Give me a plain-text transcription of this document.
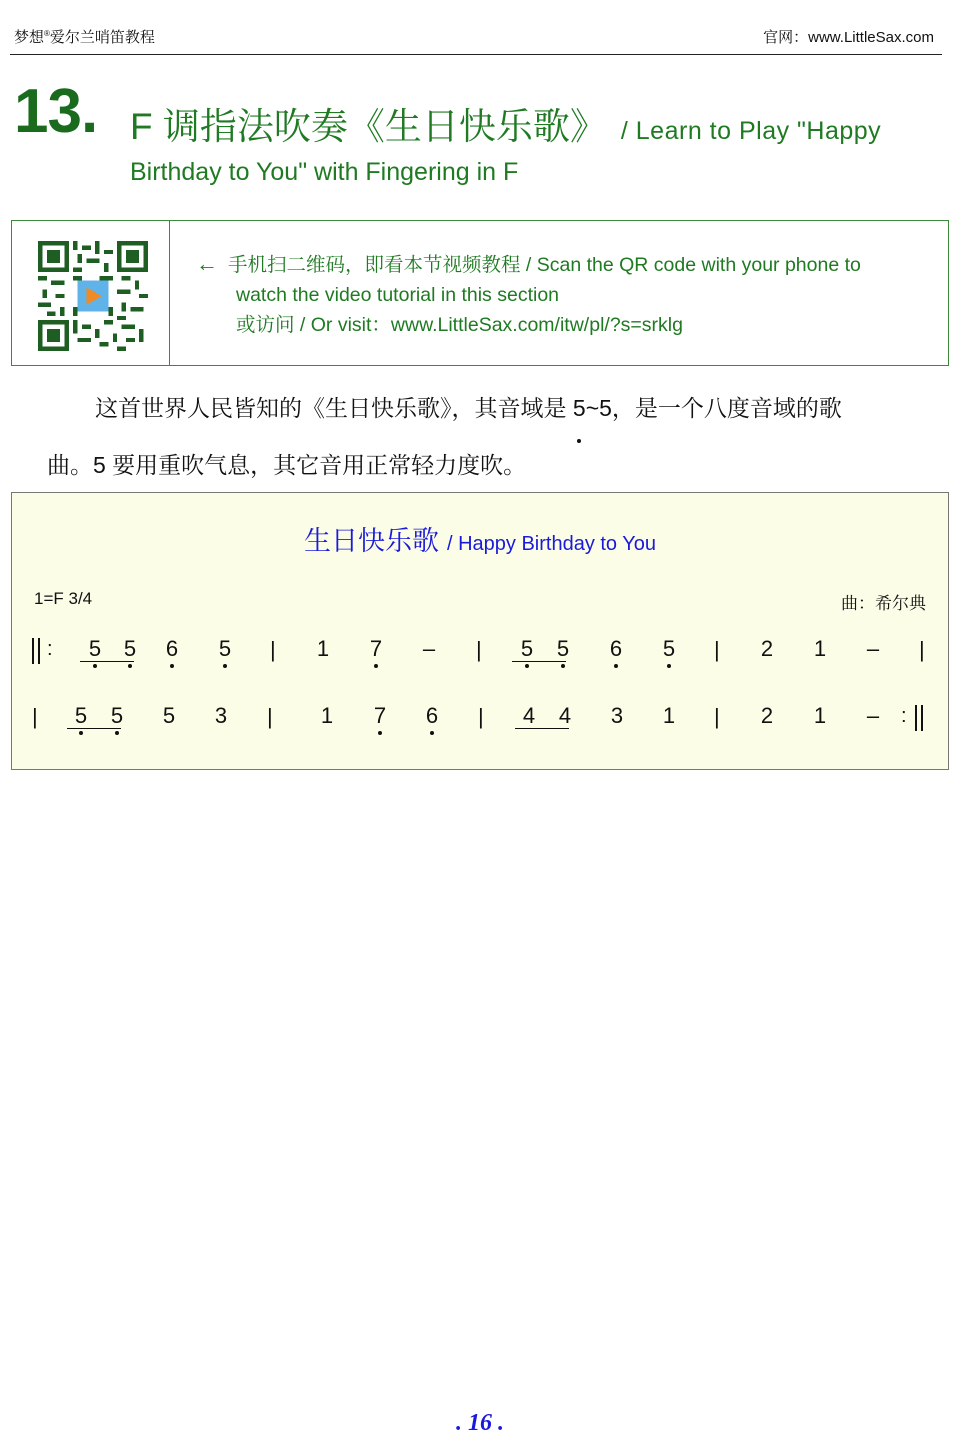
梦想®爱尔兰哨笛教程	官网：www.LittleSax.com
13. F 调指法吹奏《生日快乐歌》 / Learn to Play "Happy
Birthday to You" with Fingering in F
← 手机扫二维码，即看本节视频教程 / Scan the QR code with your phone to
watch the video tutorial in this section
或访问 / Or visit：www.LittleSax.com/itw/pl/?s=srklg
这首世界人民皆知的《生日快乐歌》，其音域是 5~5，是一个八度音域的歌
曲。5 要用重吹气息，其它音用正常轻力度吹。
生日快乐歌 / Happy Birthday to You
1=F 3/4	曲：希尔典
:	|	|	|	|
5 5 6 5	1 7 –	5 5 6 5	2 1 –
|	|	|	|	:
5 5 5 3	1 7 6	4 4 3 1	2 1 –
. 16 .
